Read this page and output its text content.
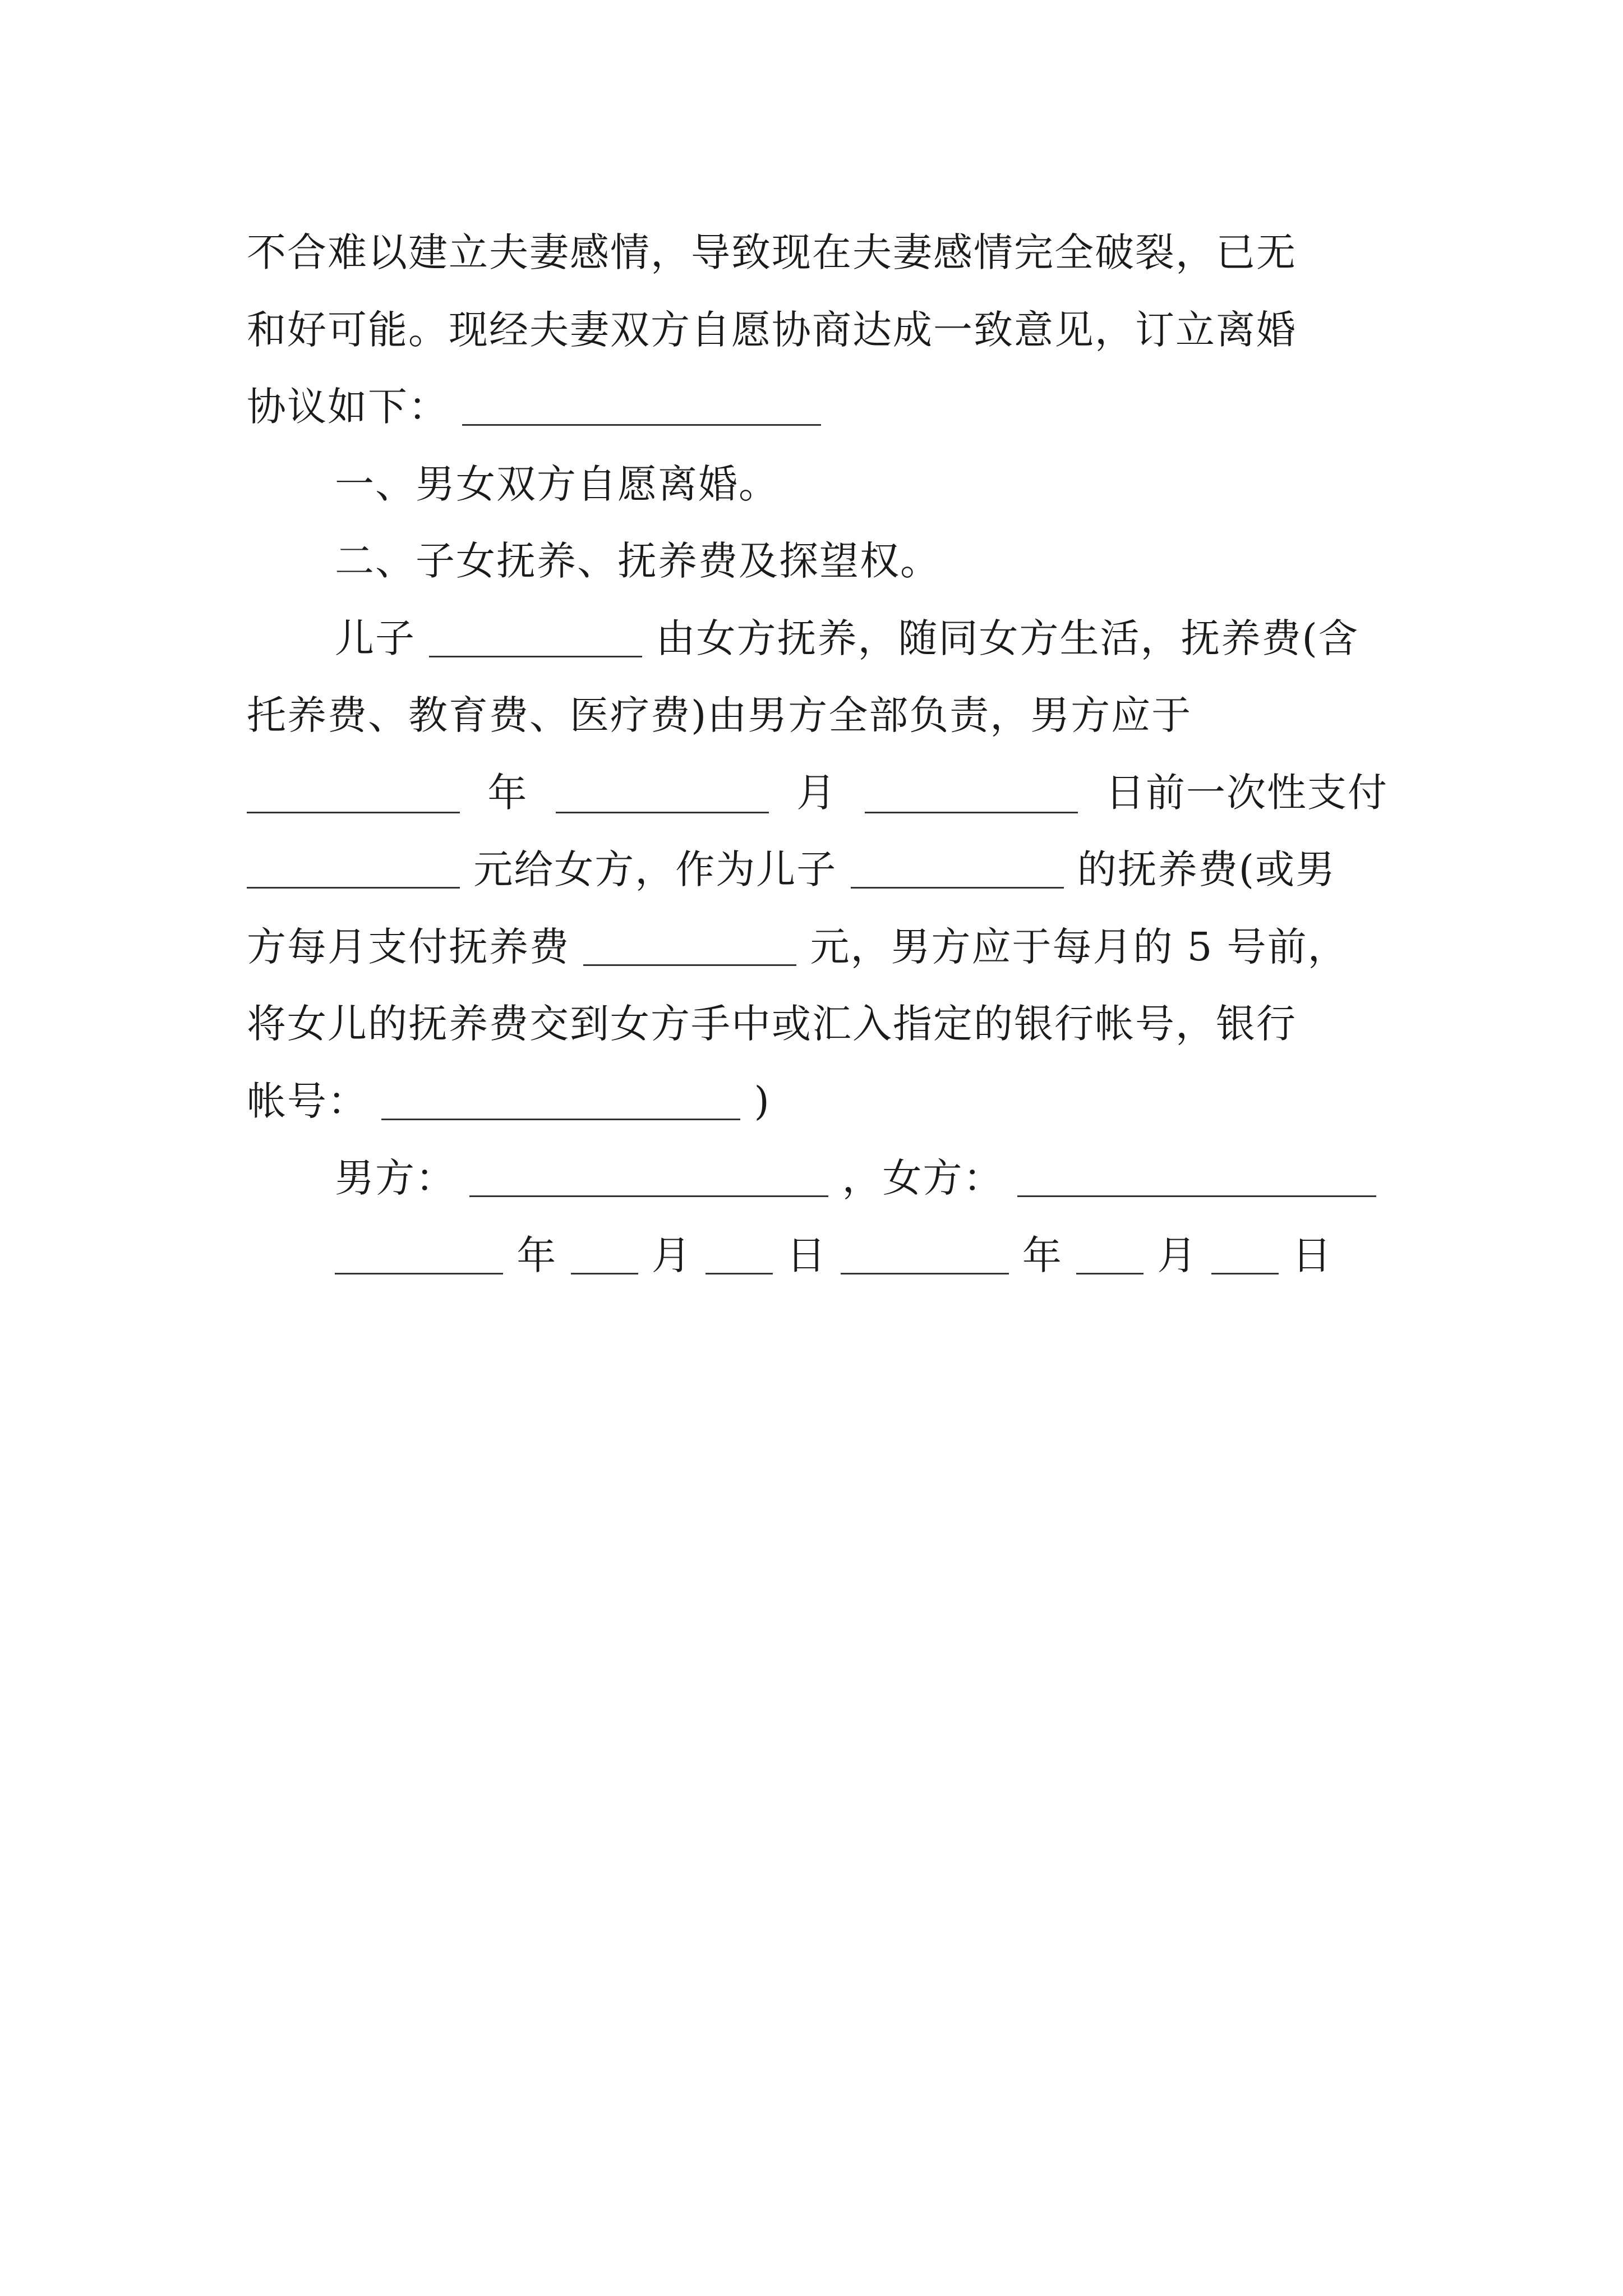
不合难以建立夫妻感情，导致现在夫妻感情完全破裂，已无
和好可能。现经夫妻双方自愿协商达成一致意见，订立离婚
协议如下：
一、男女双方自愿离婚。
二、子女抚养、抚养费及探望权。
儿子	由女方抚养，随同女方生活，抚养费(含
托养费、教育费、医疗费)由男方全部负责，男方应于
年	月	日前一次性支付
元给女方，作为儿子	的抚养费(或男
方每月支付抚养费	元，男方应于每月的 5 号前，
将女儿的抚养费交到女方手中或汇入指定的银行帐号，银行
帐号：	)
男方：	，女方：
年 月 日	年 月 日
